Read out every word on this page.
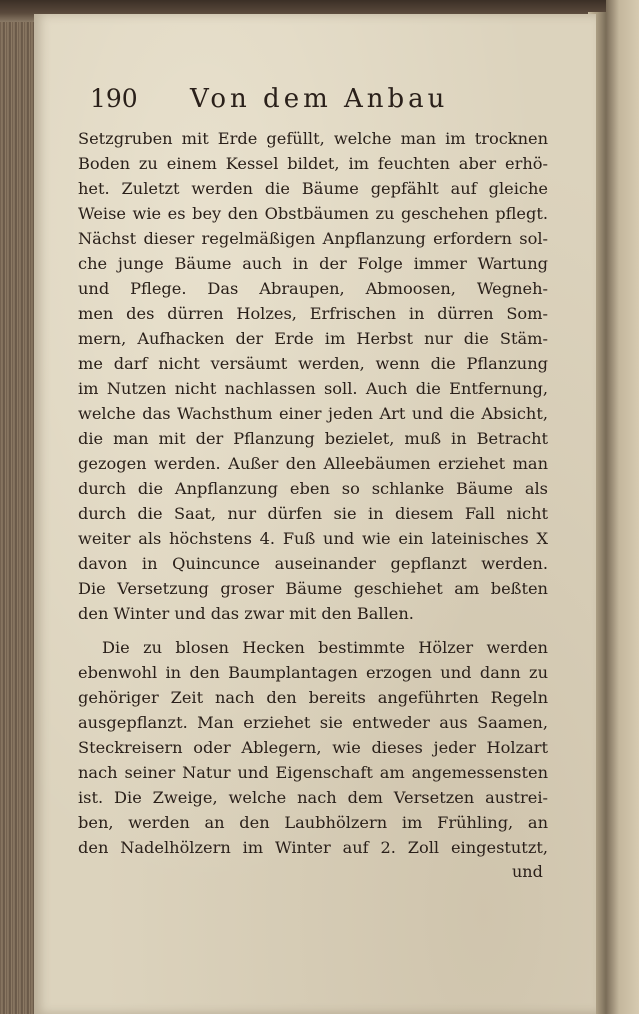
190 Von dem Anbau
Setzgruben mit Erde gefüllt, welche man im trocknen
Boden zu einem Kessel bildet, im feuchten aber erhö-
het. Zuletzt werden die Bäume gepfählt auf gleiche
Weise wie es bey den Obstbäumen zu geschehen pflegt.
Nächst dieser regelmäßigen Anpflanzung erfordern sol-
che junge Bäume auch in der Folge immer Wartung
und Pflege. Das Abraupen, Abmoosen, Wegneh-
men des dürren Holzes, Erfrischen in dürren Som-
mern, Aufhacken der Erde im Herbst nur die Stäm-
me darf nicht versäumt werden, wenn die Pflanzung
im Nutzen nicht nachlassen soll. Auch die Entfernung,
welche das Wachsthum einer jeden Art und die Absicht,
die man mit der Pflanzung bezielet, muß in Betracht
gezogen werden. Außer den Alleebäumen erziehet man
durch die Anpflanzung eben so schlanke Bäume als
durch die Saat, nur dürfen sie in diesem Fall nicht
weiter als höchstens 4. Fuß und wie ein lateinisches X
davon in Quincunce auseinander gepflanzt werden.
Die Versetzung groser Bäume geschiehet am beßten
den Winter und das zwar mit den Ballen.
Die zu blosen Hecken bestimmte Hölzer werden
ebenwohl in den Baumplantagen erzogen und dann zu
gehöriger Zeit nach den bereits angeführten Regeln
ausgepflanzt. Man erziehet sie entweder aus Saamen,
Steckreisern oder Ablegern, wie dieses jeder Holzart
nach seiner Natur und Eigenschaft am angemessensten
ist. Die Zweige, welche nach dem Versetzen austrei-
ben, werden an den Laubhölzern im Frühling, an
den Nadelhölzern im Winter auf 2. Zoll eingestutzt,
und
